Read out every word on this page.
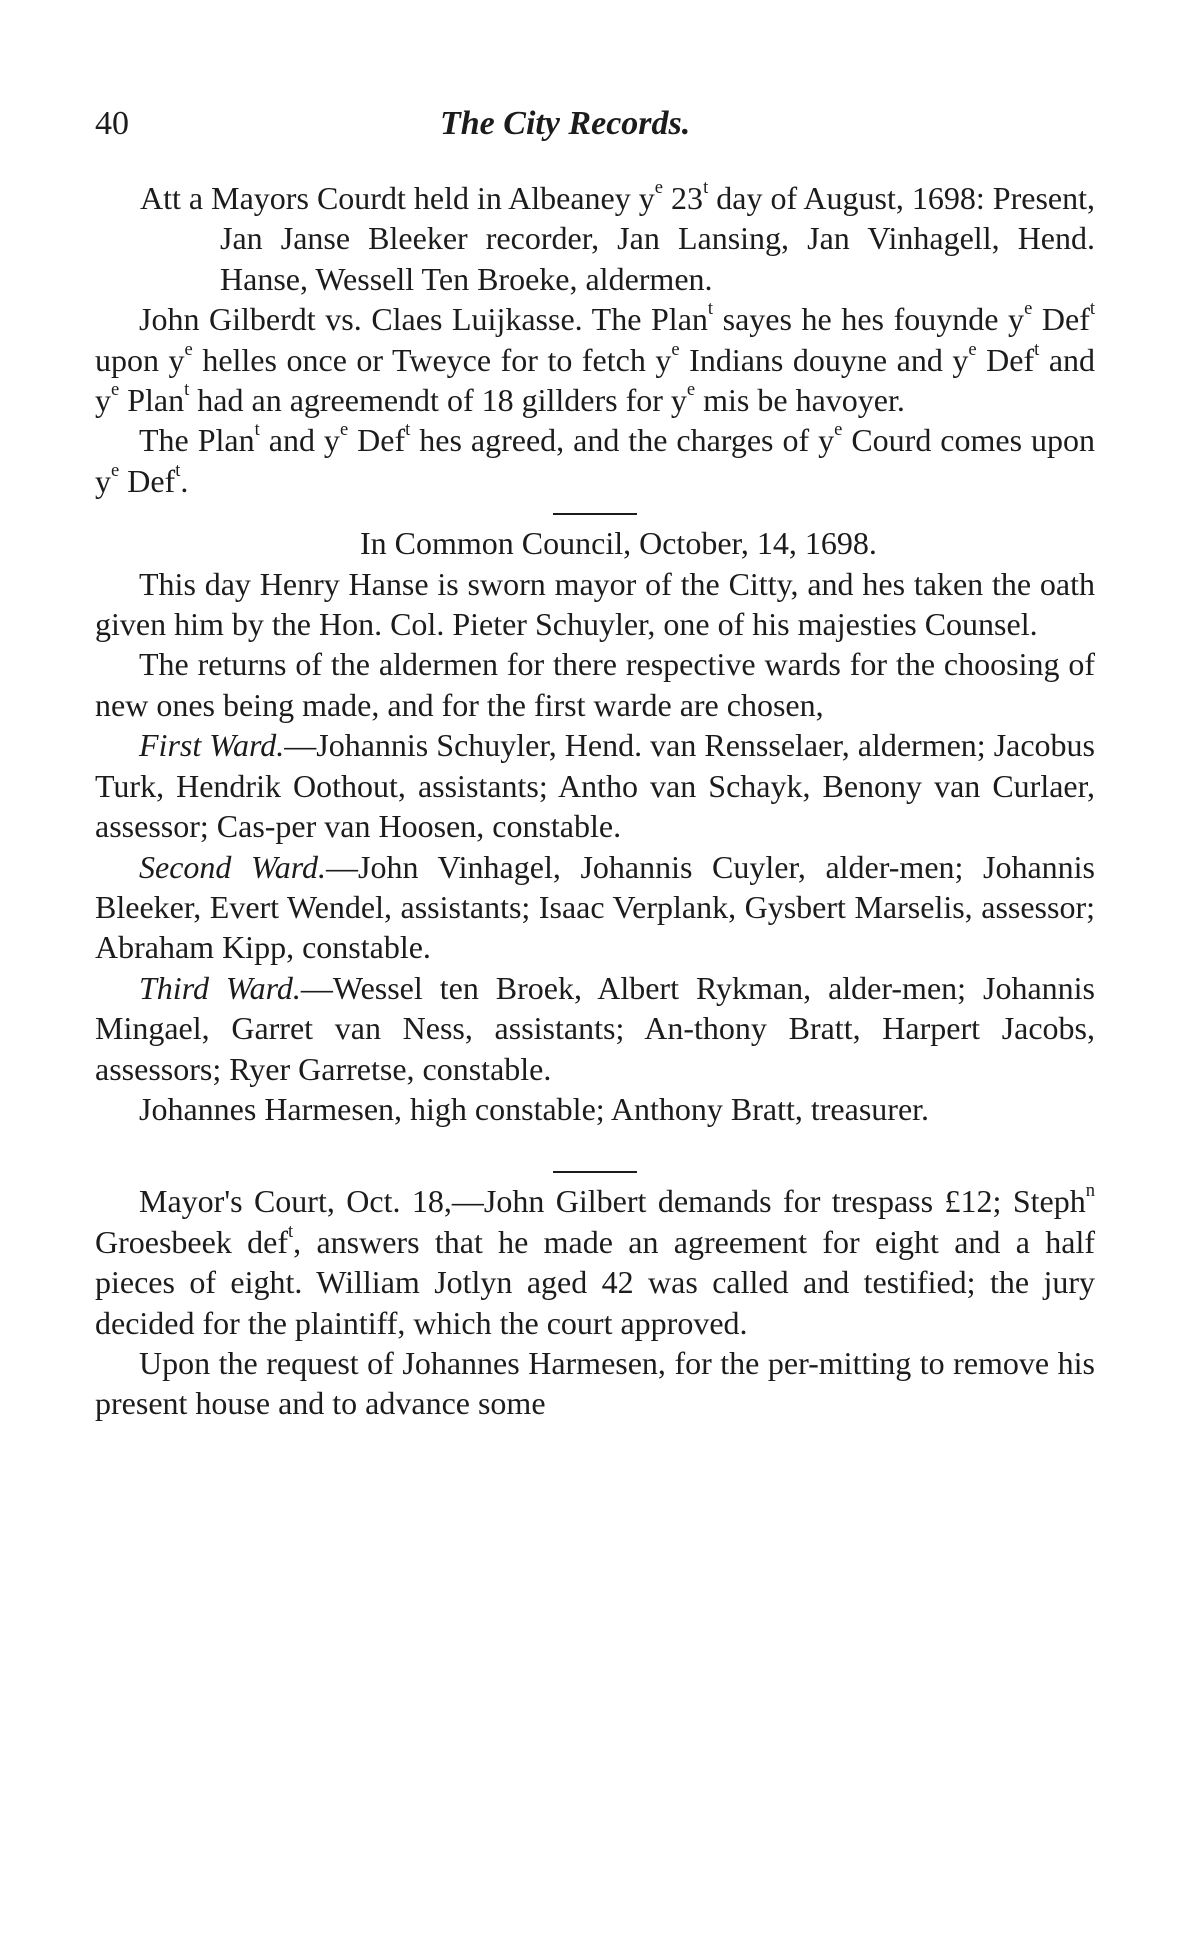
40	The City Records.

Att a Mayors Courdt held in Albeaney $y^e$ 23$^t$ day of August, 1698: Present, Jan Janse Bleeker recorder, Jan Lansing, Jan Vinhagell, Hend. Hanse, Wessell Ten Broeke, aldermen.

John Gilberdt vs. Claes Luijkasse. The Plan$^t$ sayes he hes fouynde $y^e$ Def$^t$ upon $y^e$ helles once or Tweyce for to fetch $y^e$ Indians douyne and $y^e$ Def$^t$ and $y^e$ Plan$^t$ had an agreemendt of 18 gillders for $y^e$ mis be havoyer.

The Plan$^t$ and $y^e$ Def$^t$ hes agreed, and the charges of $y^e$ Courd comes upon $y^e$ Def$^t$.

In Common Council, October, 14, 1698.

This day Henry Hanse is sworn mayor of the Citty, and hes taken the oath given him by the Hon. Col. Pieter Schuyler, one of his majesties Counsel.

The returns of the aldermen for there respective wards for the choosing of new ones being made, and for the first warde are chosen,

First Ward.—Johannis Schuyler, Hend. van Rensselaer, aldermen; Jacobus Turk, Hendrik Oothout, assistants; Antho van Schayk, Benony van Curlaer, assessor; Cas-per van Hoosen, constable.

Second Ward.—John Vinhagel, Johannis Cuyler, alder-men; Johannis Bleeker, Evert Wendel, assistants; Isaac Verplank, Gysbert Marselis, assessor; Abraham Kipp, constable.

Third Ward.—Wessel ten Broek, Albert Rykman, alder-men; Johannis Mingael, Garret van Ness, assistants; An-thony Bratt, Harpert Jacobs, assessors; Ryer Garretse, constable.

Johannes Harmesen, high constable; Anthony Bratt, treasurer.

Mayor's Court, Oct. 18,—John Gilbert demands for trespass £12; Steph$^n$ Groesbeek def$^t$, answers that he made an agreement for eight and a half pieces of eight. William Jotlyn aged 42 was called and testified; the jury decided for the plaintiff, which the court approved.

Upon the request of Johannes Harmesen, for the per-mitting to remove his present house and to advance some
